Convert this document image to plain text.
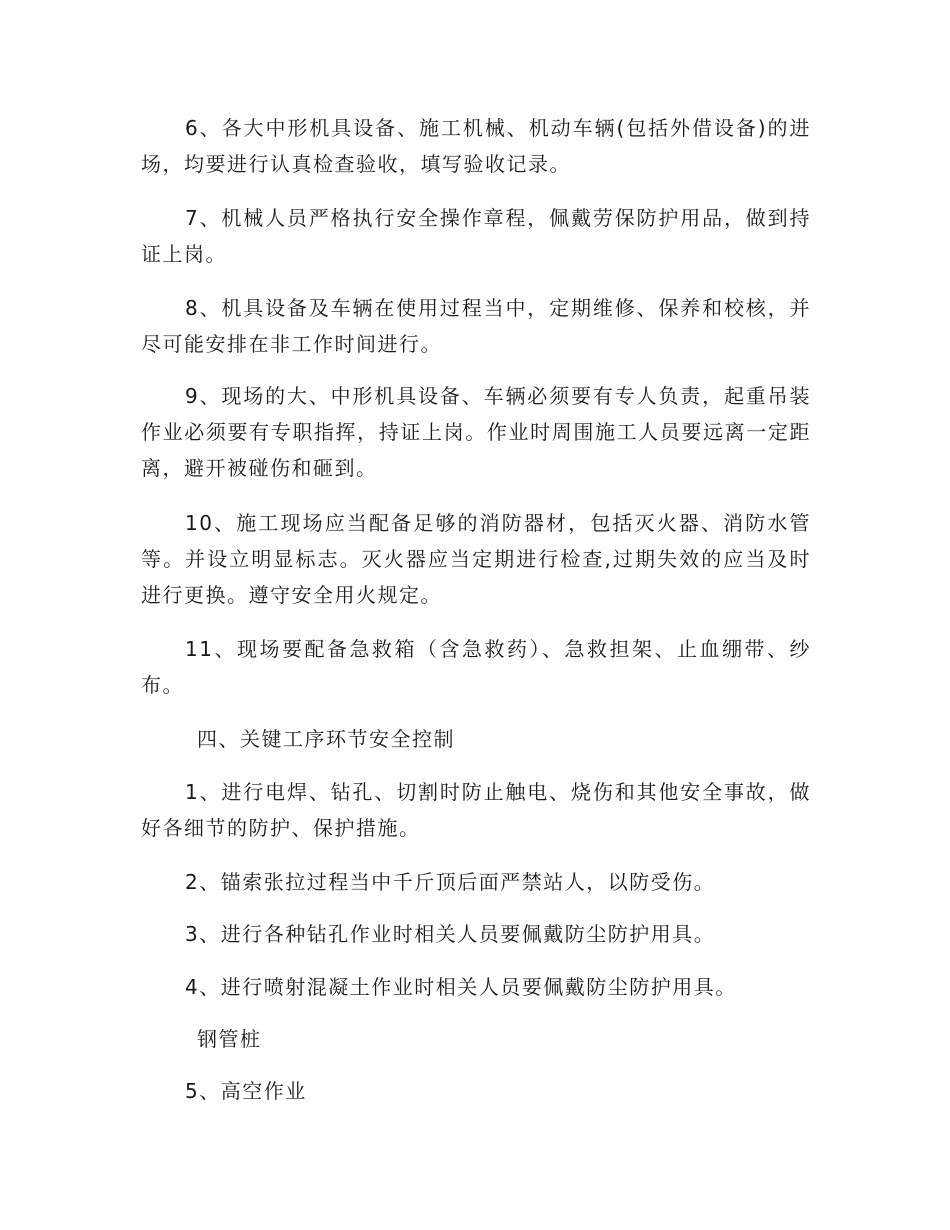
6、各大中形机具设备、施工机械、机动车辆(包括外借设备)的进场，均要进行认真检查验收，填写验收记录。

7、机械人员严格执行安全操作章程，佩戴劳保防护用品，做到持证上岗。

8、机具设备及车辆在使用过程当中，定期维修、保养和校核，并尽可能安排在非工作时间进行。

9、现场的大、中形机具设备、车辆必须要有专人负责，起重吊装作业必须要有专职指挥，持证上岗。作业时周围施工人员要远离一定距离，避开被碰伤和砸到。

10、施工现场应当配备足够的消防器材，包括灭火器、消防水管等。并设立明显标志。灭火器应当定期进行检查,过期失效的应当及时进行更换。遵守安全用火规定。

11、现场要配备急救箱（含急救药）、急救担架、止血绷带、纱布。

四、关键工序环节安全控制

1、进行电焊、钻孔、切割时防止触电、烧伤和其他安全事故，做好各细节的防护、保护措施。

2、锚索张拉过程当中千斤顶后面严禁站人，以防受伤。

3、进行各种钻孔作业时相关人员要佩戴防尘防护用具。

4、进行喷射混凝土作业时相关人员要佩戴防尘防护用具。

钢管桩

5、高空作业
